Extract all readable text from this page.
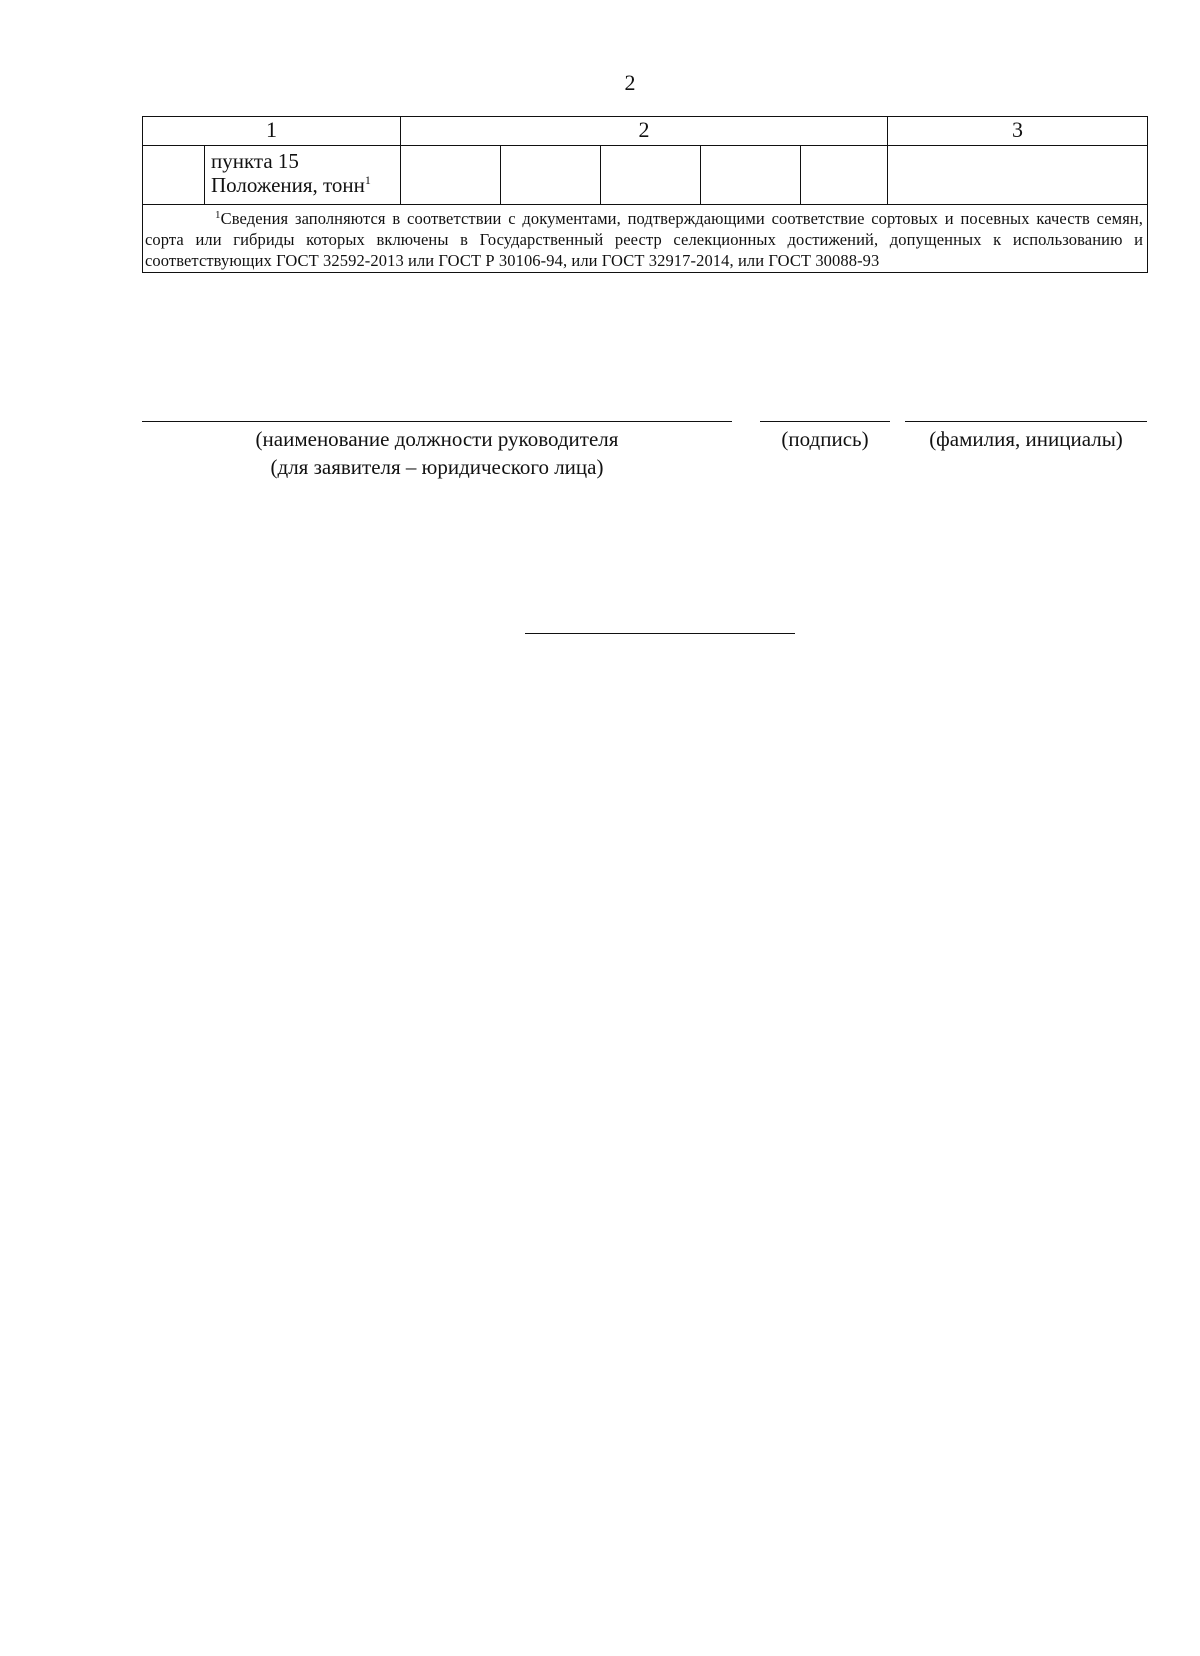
2
1		2					3
	пункта 15
Положения, тонн$^1$						
$^1$Сведения заполняются в соответствии с документами, подтверждающими соответствие сортовых и посевных качеств семян, сорта или гибриды которых включены в Государственный реестр селекционных достижений, допущенных к использованию и соответствующих ГОСТ 32592-2013 или ГОСТ Р 30106-94, или ГОСТ 32917-2014, или ГОСТ 30088-93							
(наименование должности руководителя
(для заявителя – юридического лица)
(подпись)	(фамилия, инициалы)
